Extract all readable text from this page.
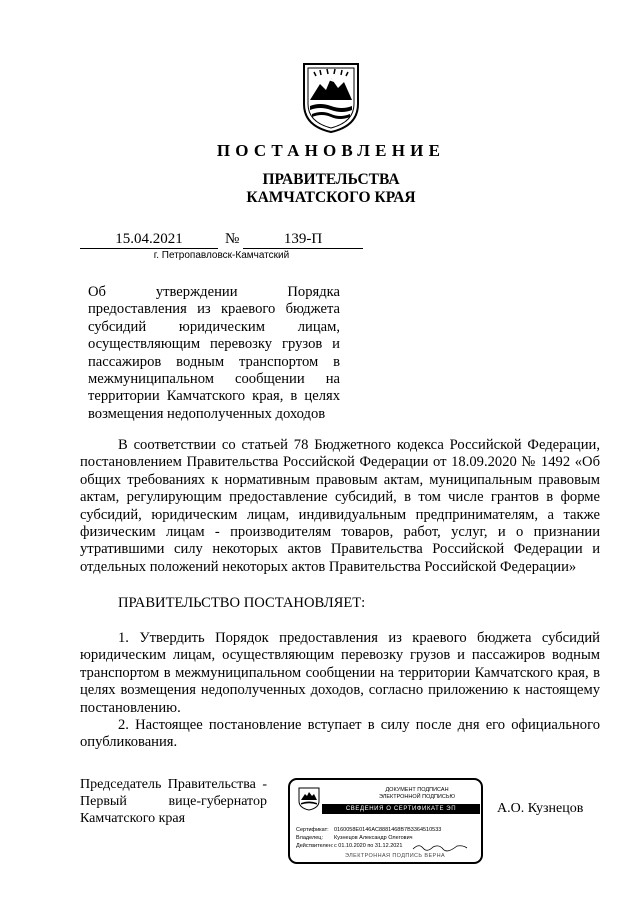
ПОСТАНОВЛЕНИЕ
ПРАВИТЕЛЬСТВА
КАМЧАТСКОГО КРАЯ
15.04.2021	№	139-П
г. Петропавловск-Камчатский
Об утверждении Порядка предоставления из краевого бюджета субсидий юридическим лицам, осуществляющим перевозку грузов и пассажиров водным транспортом в межмуниципальном сообщении на территории Камчатского края, в целях возмещения недополученных доходов

В соответствии со статьей 78 Бюджетного кодекса Российской Федерации, постановлением Правительства Российской Федерации от 18.09.2020 № 1492 «Об общих требованиях к нормативным правовым актам, муниципальным правовым актам, регулирующим предоставление субсидий, в том числе грантов в форме субсидий, юридическим лицам, индивидуальным предпринимателям, а также физическим лицам - производителям товаров, работ, услуг, и о признании утратившими силу некоторых актов Правительства Российской Федерации и отдельных положений некоторых актов Правительства Российской Федерации»

ПРАВИТЕЛЬСТВО ПОСТАНОВЛЯЕТ:

1. Утвердить Порядок предоставления из краевого бюджета субсидий юридическим лицам, осуществляющим перевозку грузов и пассажиров водным транспортом в межмуниципальном сообщении на территории Камчатского края, в целях возмещения недополученных доходов, согласно приложению к настоящему постановлению.

2. Настоящее постановление вступает в силу после дня его официального опубликования.

Председатель Правительства -
Первый вице-губернатор
Камчатского края
ДОКУМЕНТ ПОДПИСАН
ЭЛЕКТРОННОЙ ПОДПИСЬЮ
СВЕДЕНИЯ О СЕРТИФИКАТЕ ЭП
Сертификат: 0160058E0146AC8881468B7B3364510533
Владелец: Кузнецов Александр Олегович
Действителен:с 01.10.2020 по 31.12.2021
ЭЛЕКТРОННАЯ ПОДПИСЬ ВЕРНА
А.О. Кузнецов
